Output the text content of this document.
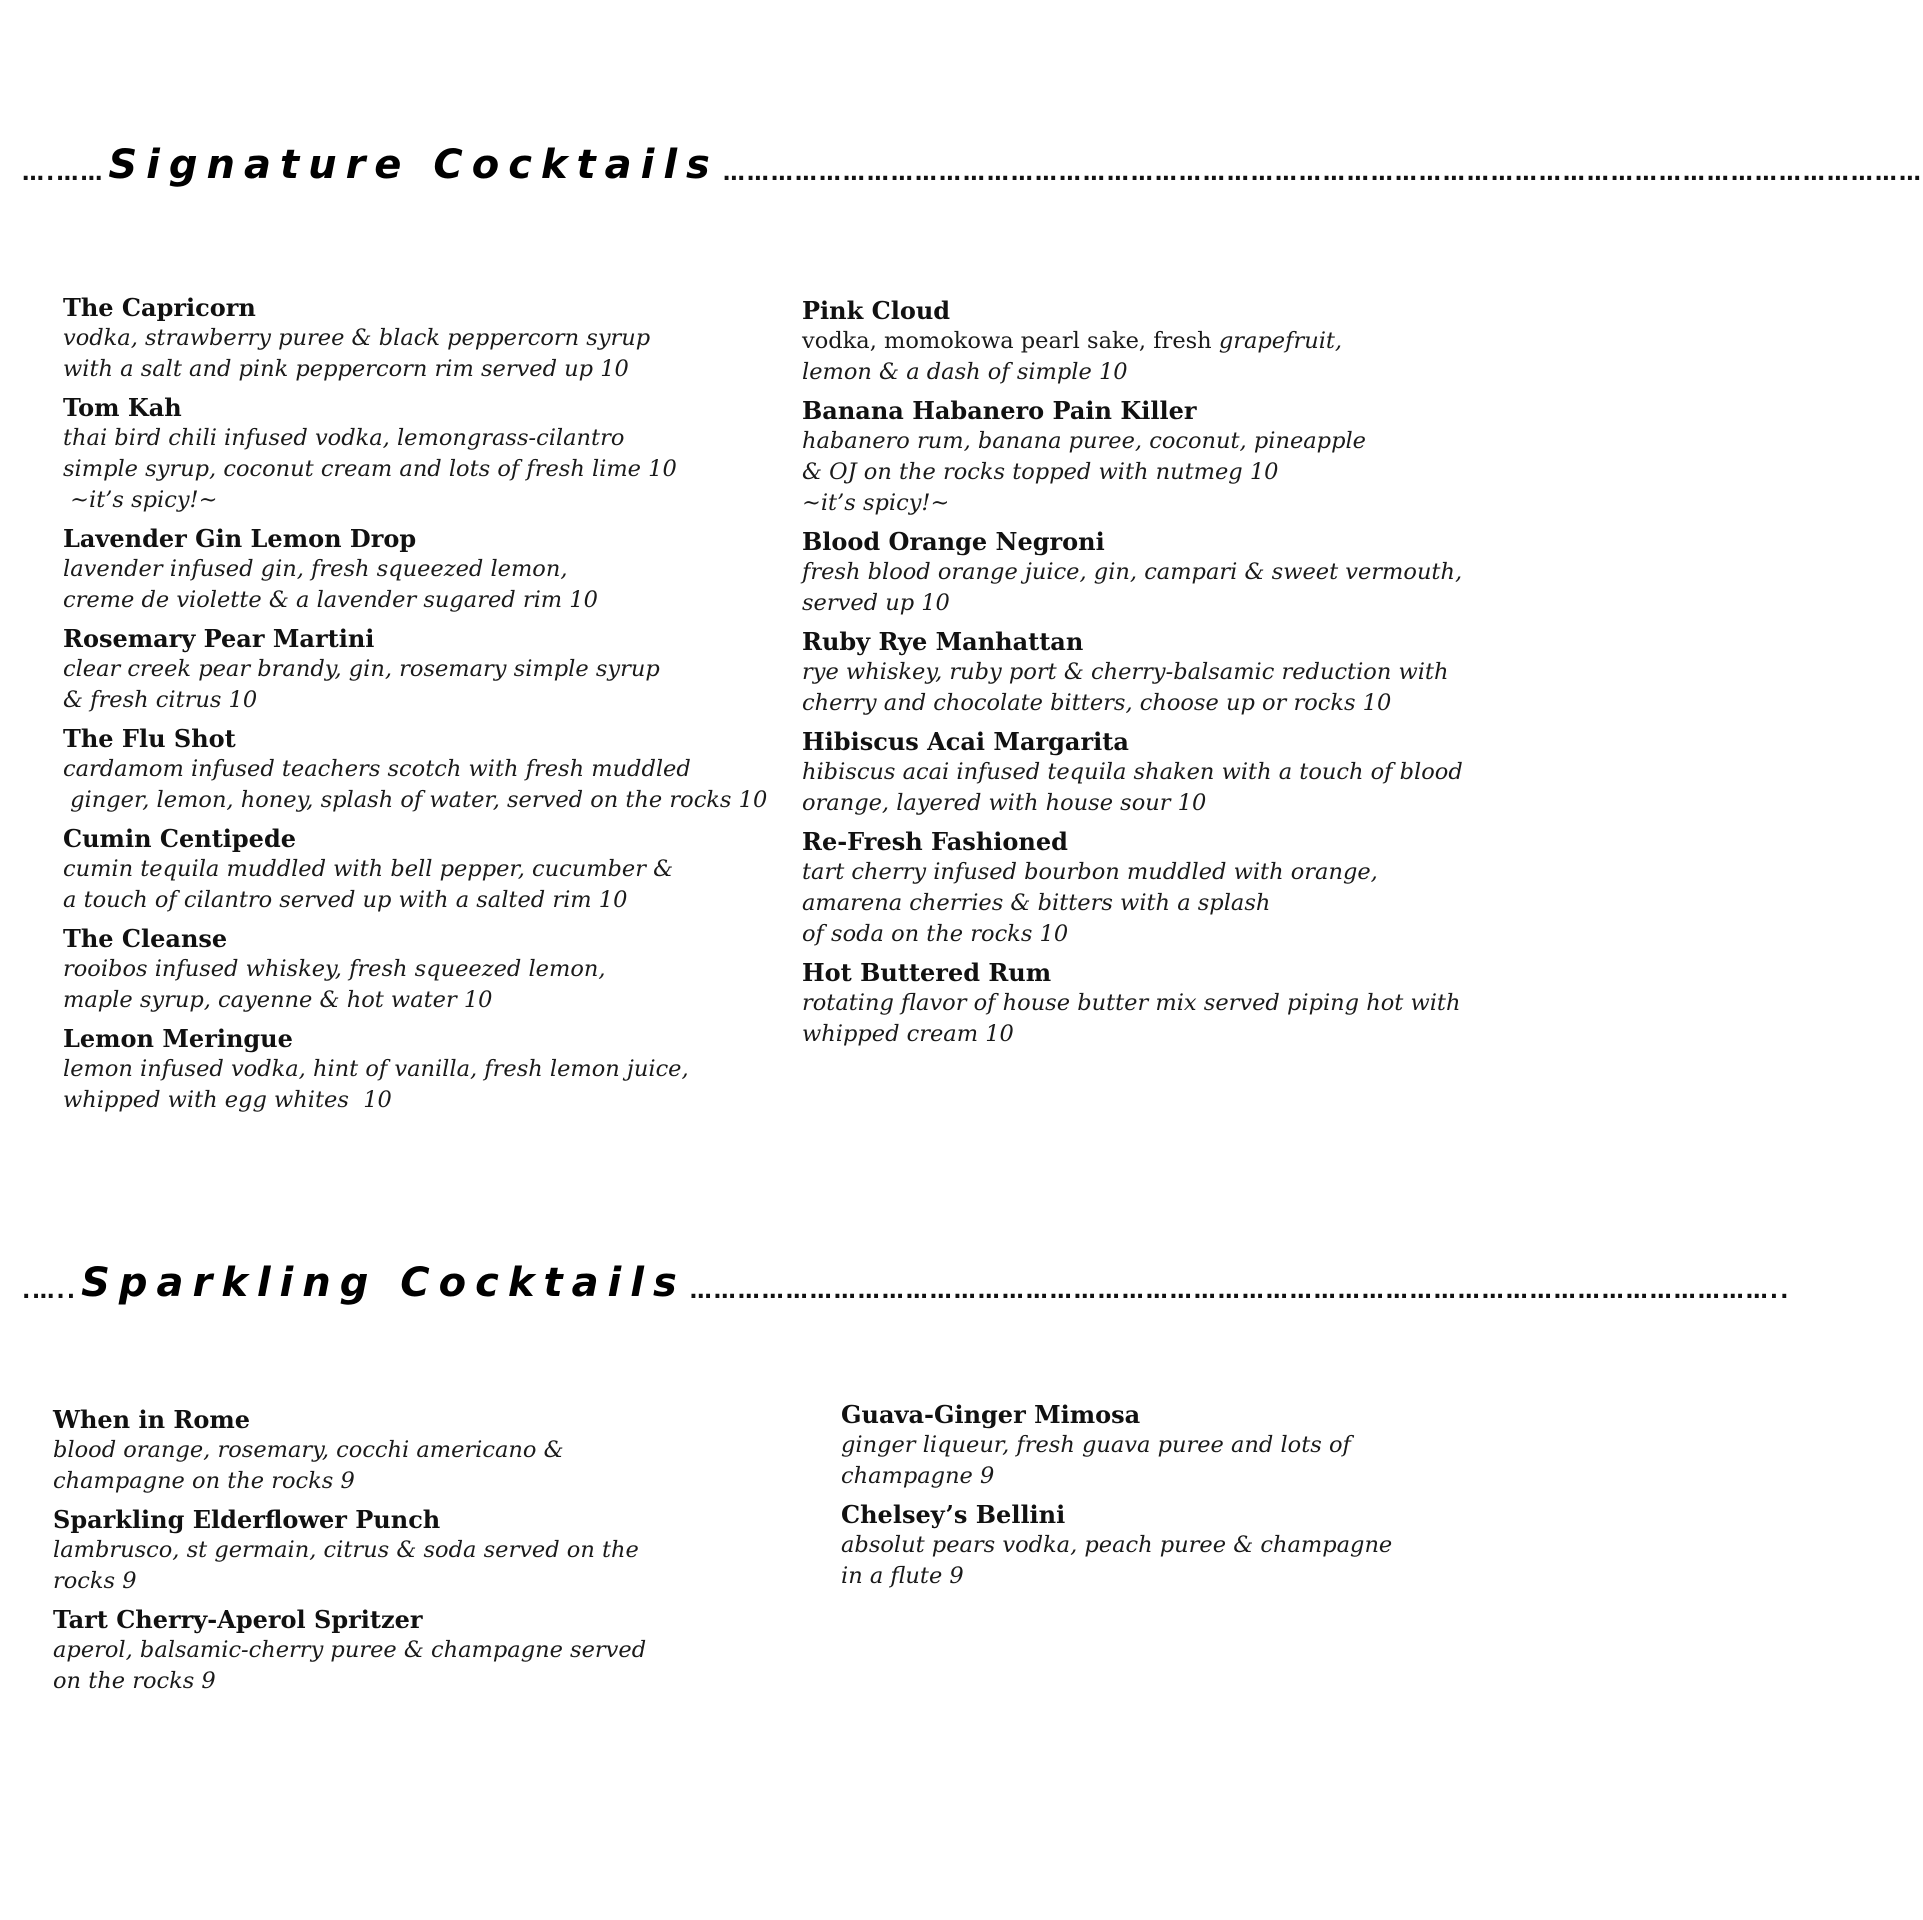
….…… Signature Cocktails ……………………………………………………………………………………………………………………………………
The Capricorn
vodka, strawberry puree & black peppercorn syrup
with a salt and pink peppercorn rim served up 10
Tom Kah
thai bird chili infused vodka, lemongrass-cilantro
simple syrup, coconut cream and lots of fresh lime 10
~it’s spicy!~
Lavender Gin Lemon Drop
lavender infused gin, fresh squeezed lemon,
creme de violette & a lavender sugared rim 10
Rosemary Pear Martini
clear creek pear brandy, gin, rosemary simple syrup
& fresh citrus 10
The Flu Shot
cardamom infused teachers scotch with fresh muddled
ginger, lemon, honey, splash of water, served on the rocks 10
Cumin Centipede
cumin tequila muddled with bell pepper, cucumber &
a touch of cilantro served up with a salted rim 10
The Cleanse
rooibos infused whiskey, fresh squeezed lemon,
maple syrup, cayenne & hot water 10
Lemon Meringue
lemon infused vodka, hint of vanilla, fresh lemon juice,
whipped with egg whites  10
Pink Cloud
vodka, momokowa pearl sake, fresh grapefruit,
lemon & a dash of simple 10
Banana Habanero Pain Killer
habanero rum, banana puree, coconut, pineapple
& OJ on the rocks topped with nutmeg 10
~it’s spicy!~
Blood Orange Negroni
fresh blood orange juice, gin, campari & sweet vermouth,
served up 10
Ruby Rye Manhattan
rye whiskey, ruby port & cherry-balsamic reduction with
cherry and chocolate bitters, choose up or rocks 10
Hibiscus Acai Margarita
hibiscus acai infused tequila shaken with a touch of blood
orange, layered with house sour 10
Re-Fresh Fashioned
tart cherry infused bourbon muddled with orange,
amarena cherries & bitters with a splash
of soda on the rocks 10
Hot Buttered Rum
rotating flavor of house butter mix served piping hot with
whipped cream 10
.….. Sparkling Cocktails ………………………………………………………………………………………………………………………..
When in Rome
blood orange, rosemary, cocchi americano &
champagne on the rocks 9
Sparkling Elderflower Punch
lambrusco, st germain, citrus & soda served on the
rocks 9
Tart Cherry-Aperol Spritzer
aperol, balsamic-cherry puree & champagne served
on the rocks 9
Guava-Ginger Mimosa
ginger liqueur, fresh guava puree and lots of
champagne 9
Chelsey’s Bellini
absolut pears vodka, peach puree & champagne
in a flute 9
